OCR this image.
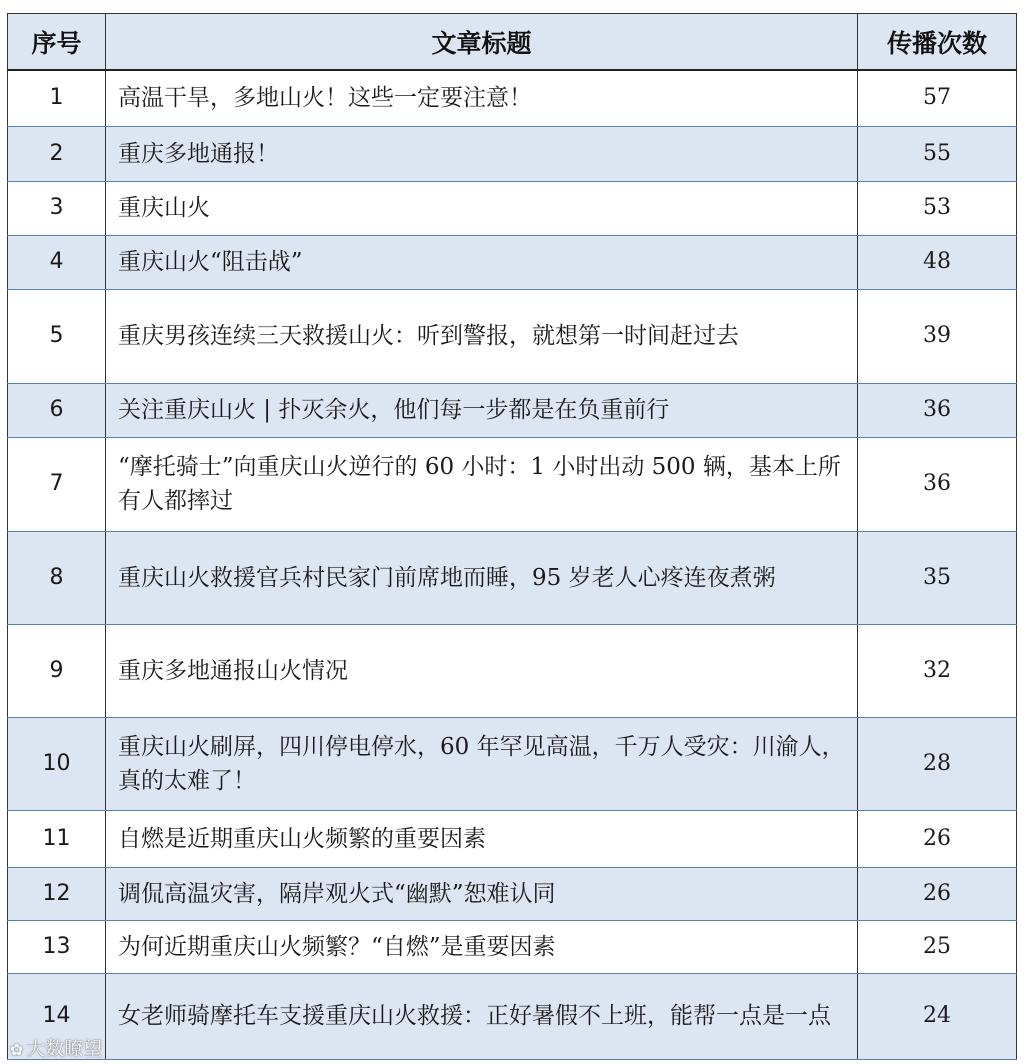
序号	文章标题	传播次数
1	高温干旱，多地山火！这些一定要注意！	57
2	重庆多地通报！	55
3	重庆山火	53
4	重庆山火“阻击战”	48
5	重庆男孩连续三天救援山火：听到警报，就想第一时间赶过去	39
6	关注重庆山火 | 扑灭余火，他们每一步都是在负重前行	36
7	“摩托骑士”向重庆山火逆行的 60 小时：1 小时出动 500 辆，基本上所有人都摔过	36
8	重庆山火救援官兵村民家门前席地而睡，95 岁老人心疼连夜煮粥	35
9	重庆多地通报山火情况	32
10	重庆山火刷屏，四川停电停水，60 年罕见高温，千万人受灾：川渝人，真的太难了！	28
11	自燃是近期重庆山火频繁的重要因素	26
12	调侃高温灾害，隔岸观火式“幽默”恕难认同	26
13	为何近期重庆山火频繁？“自燃”是重要因素	25
14	女老师骑摩托车支援重庆山火救援：正好暑假不上班，能帮一点是一点	24
✿ 大数瞭望
